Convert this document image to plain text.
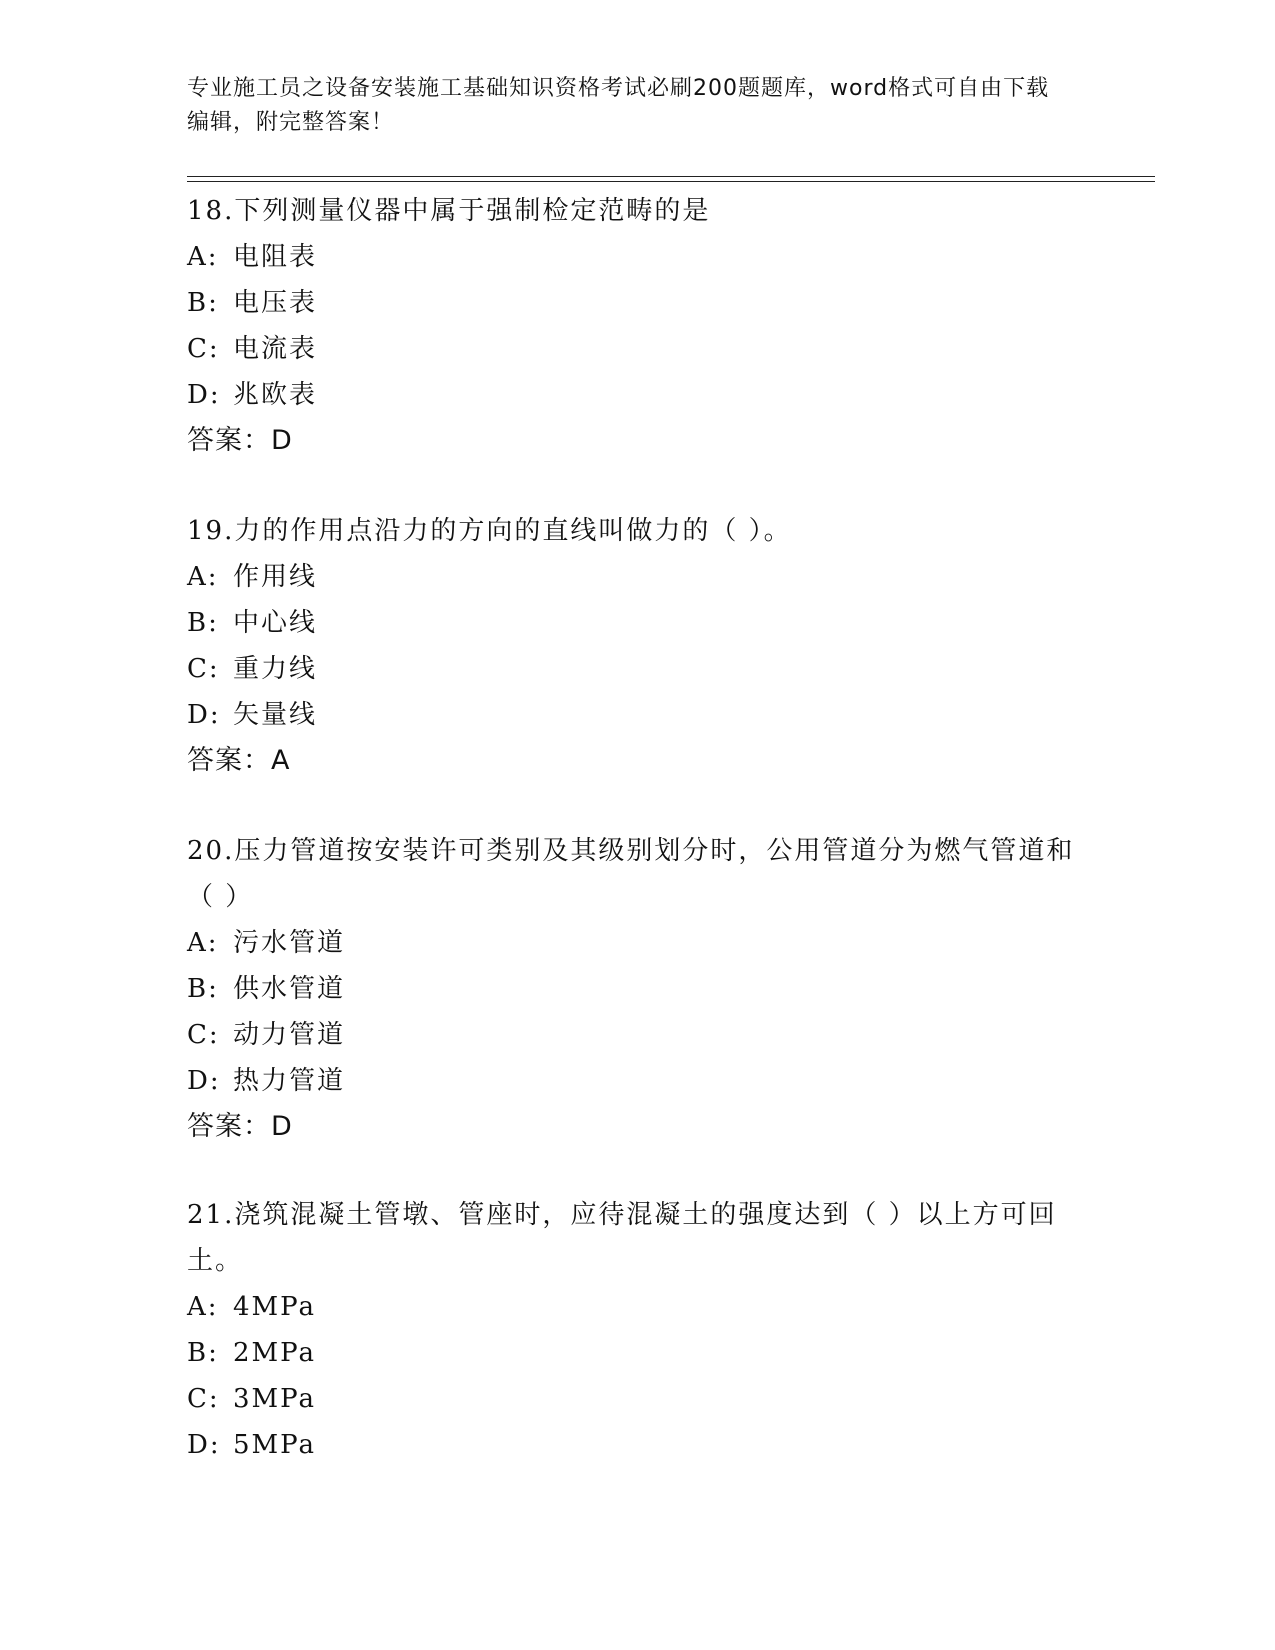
专业施工员之设备安装施工基础知识资格考试必刷200题题库，word格式可自由下载编辑，附完整答案！

18.下列测量仪器中属于强制检定范畴的是

A: 电阻表

B: 电压表

C: 电流表

D: 兆欧表

答案：D

19.力的作用点沿力的方向的直线叫做力的（ ）。

A: 作用线

B: 中心线

C: 重力线

D: 矢量线

答案：A

20.压力管道按安装许可类别及其级别划分时，公用管道分为燃气管道和（ ）

A: 污水管道

B: 供水管道

C: 动力管道

D: 热力管道

答案：D

21.浇筑混凝土管墩、管座时，应待混凝土的强度达到（ ）以上方可回土。

A: 4MPa

B: 2MPa

C: 3MPa

D: 5MPa
